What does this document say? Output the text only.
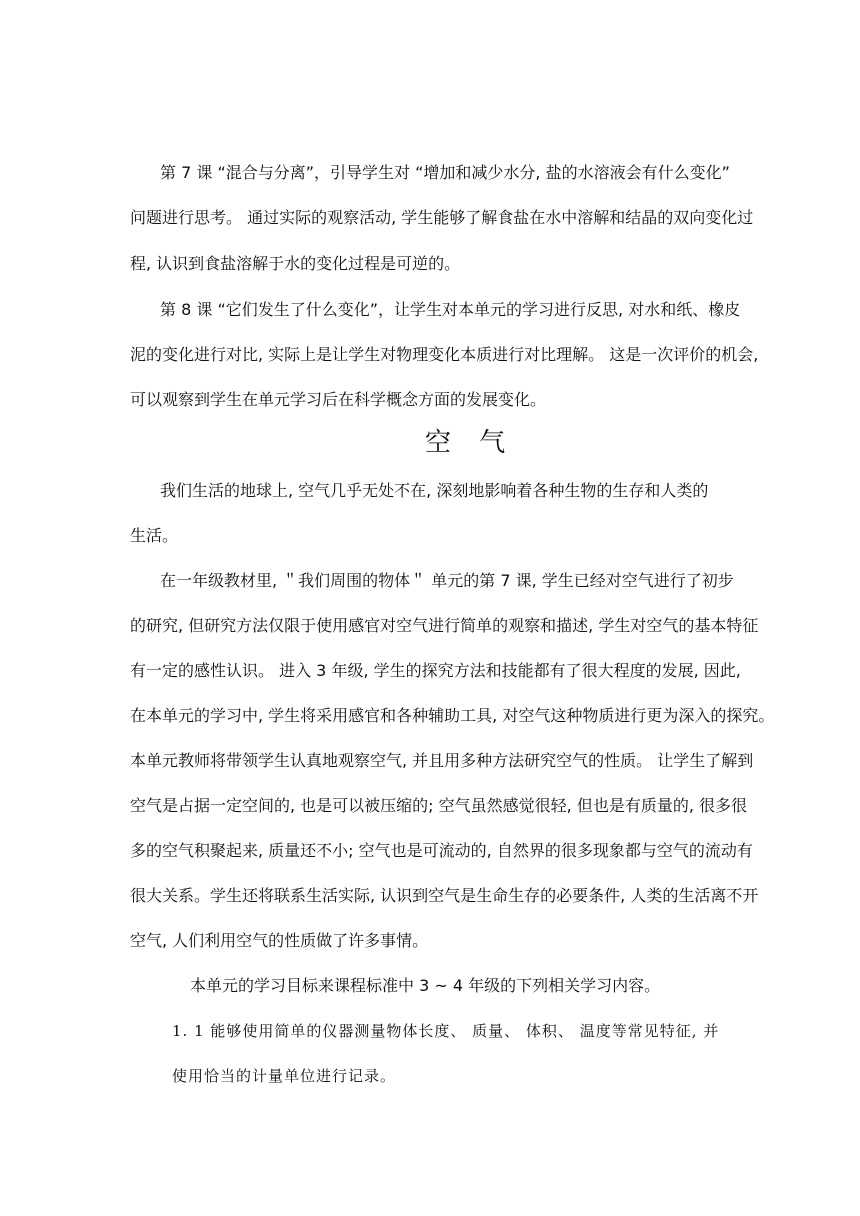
第 7 课 “混合与分离”，引导学生对 “增加和减少水分, 盐的水溶液会有什么变化”
问题进行思考。 通过实际的观察活动, 学生能够了解食盐在水中溶解和结晶的双向变化过
程, 认识到食盐溶解于水的变化过程是可逆的。
第 8 课 “它们发生了什么变化”，让学生对本单元的学习进行反思, 对水和纸、橡皮
泥的变化进行对比, 实际上是让学生对物理变化本质进行对比理解。 这是一次评价的机会,
可以观察到学生在单元学习后在科学概念方面的发展变化。
空 气
我们生活的地球上, 空气几乎无处不在, 深刻地影响着各种生物的生存和人类的
生活。
在一年级教材里, ＂我们周围的物体＂ 单元的第 7 课, 学生已经对空气进行了初步
的研究, 但研究方法仅限于使用感官对空气进行简单的观察和描述, 学生对空气的基本特征
有一定的感性认识。 进入 3 年级, 学生的探究方法和技能都有了很大程度的发展, 因此,
在本单元的学习中, 学生将采用感官和各种辅助工具, 对空气这种物质进行更为深入的探究。
本单元教师将带领学生认真地观察空气, 并且用多种方法研究空气的性质。 让学生了解到
空气是占据一定空间的, 也是可以被压缩的; 空气虽然感觉很轻, 但也是有质量的, 很多很
多的空气积聚起来, 质量还不小; 空气也是可流动的, 自然界的很多现象都与空气的流动有
很大关系。学生还将联系生活实际, 认识到空气是生命生存的必要条件, 人类的生活离不开
空气, 人们利用空气的性质做了许多事情。
本单元的学习目标来课程标准中 3 ~ 4 年级的下列相关学习内容。
1. 1 能够使用简单的仪器测量物体长度、 质量、 体积、 温度等常见特征, 并
使用恰当的计量单位进行记录。
